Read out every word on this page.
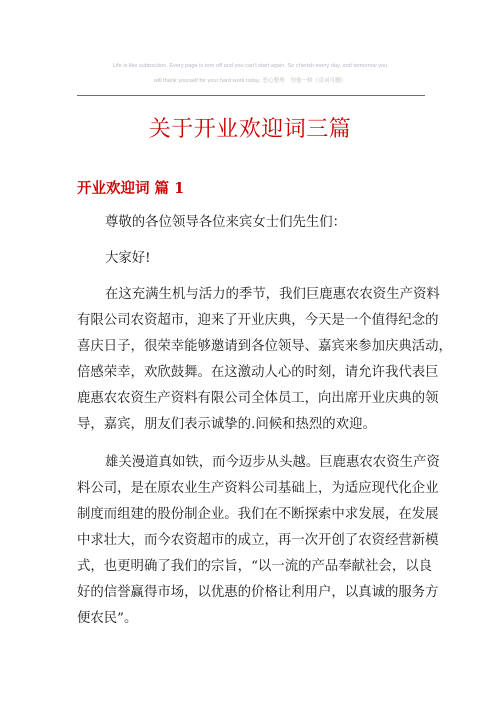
Life is like subtraction. Every page is torn off and you can't start again. So cherish every day, and tomorrow you
will thank yourself for your hard work today. 恶心整理　勿他一修（页词可删）
关于开业欢迎词三篇
开业欢迎词 篇 1
尊敬的各位领导各位来宾女士们先生们：
大家好!
在这充满生机与活力的季节，我们巨鹿惠农农资生产资料
有限公司农资超市，迎来了开业庆典，今天是一个值得纪念的
喜庆日子，很荣幸能够邀请到各位领导、嘉宾来参加庆典活动，
倍感荣幸，欢欣鼓舞。在这激动人心的时刻，请允许我代表巨
鹿惠农农资生产资料有限公司全体员工，向出席开业庆典的领
导，嘉宾，朋友们表示诚挚的.问候和热烈的欢迎。
雄关漫道真如铁，而今迈步从头越。巨鹿惠农农资生产资
料公司，是在原农业生产资料公司基础上，为适应现代化企业
制度而组建的股份制企业。我们在不断探索中求发展，在发展
中求壮大，而今农资超市的成立，再一次开创了农资经营新模
式，也更明确了我们的宗旨，“以一流的产品奉献社会，以良
好的信誉赢得市场，以优惠的价格让利用户，以真诚的服务方
便农民”。
